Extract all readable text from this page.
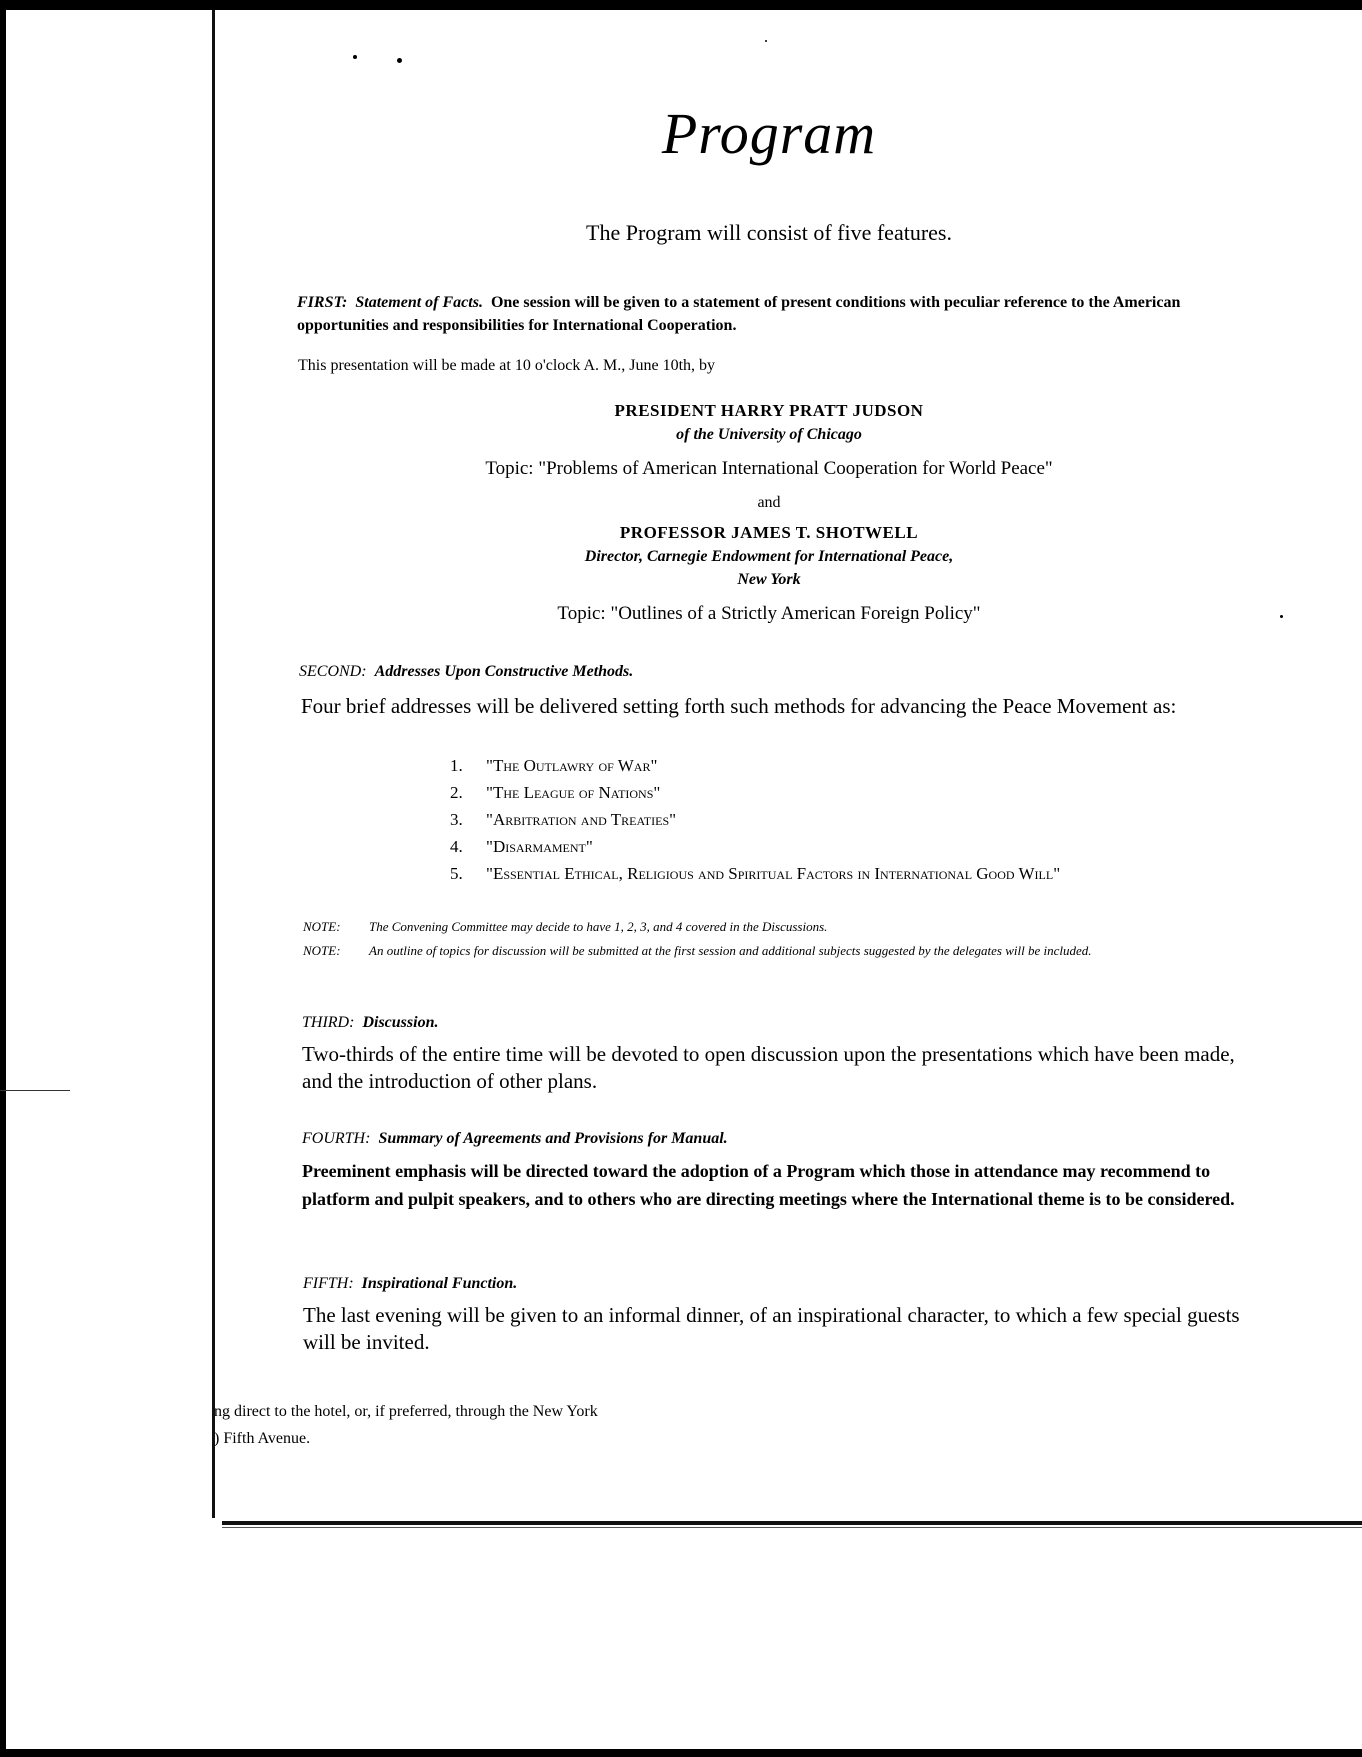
Program
The Program will consist of five features.
FIRST: Statement of Facts. One session will be given to a statement of present conditions with peculiar reference to the American opportunities and responsibilities for International Cooperation.
This presentation will be made at 10 o'clock A. M., June 10th, by
PRESIDENT HARRY PRATT JUDSON
of the University of Chicago
Topic: "Problems of American International Cooperation for World Peace"
and
PROFESSOR JAMES T. SHOTWELL
Director, Carnegie Endowment for International Peace,
New York
Topic: "Outlines of a Strictly American Foreign Policy"
SECOND: Addresses Upon Constructive Methods.
Four brief addresses will be delivered setting forth such methods for advancing the Peace Movement as:
1.	"The Outlawry of War"
2.	"The League of Nations"
3.	"Arbitration and Treaties"
4.	"Disarmament"
5.	"Essential Ethical, Religious and Spiritual Factors in International Good Will"
NOTE:	The Convening Committee may decide to have 1, 2, 3, and 4 covered in the Discussions.
NOTE:	An outline of topics for discussion will be submitted at the first session and additional subjects suggested by the delegates will be included.
THIRD: Discussion.
Two-thirds of the entire time will be devoted to open discussion upon the presentations which have been made, and the introduction of other plans.
FOURTH: Summary of Agreements and Provisions for Manual.
Preeminent emphasis will be directed toward the adoption of a Program which those in attendance may recommend to platform and pulpit speakers, and to others who are directing meetings where the International theme is to be considered.
FIFTH: Inspirational Function.
The last evening will be given to an informal dinner, of an inspirational character, to which a few special guests will be invited.
ng direct to the hotel, or, if preferred, through the New York
) Fifth Avenue.
